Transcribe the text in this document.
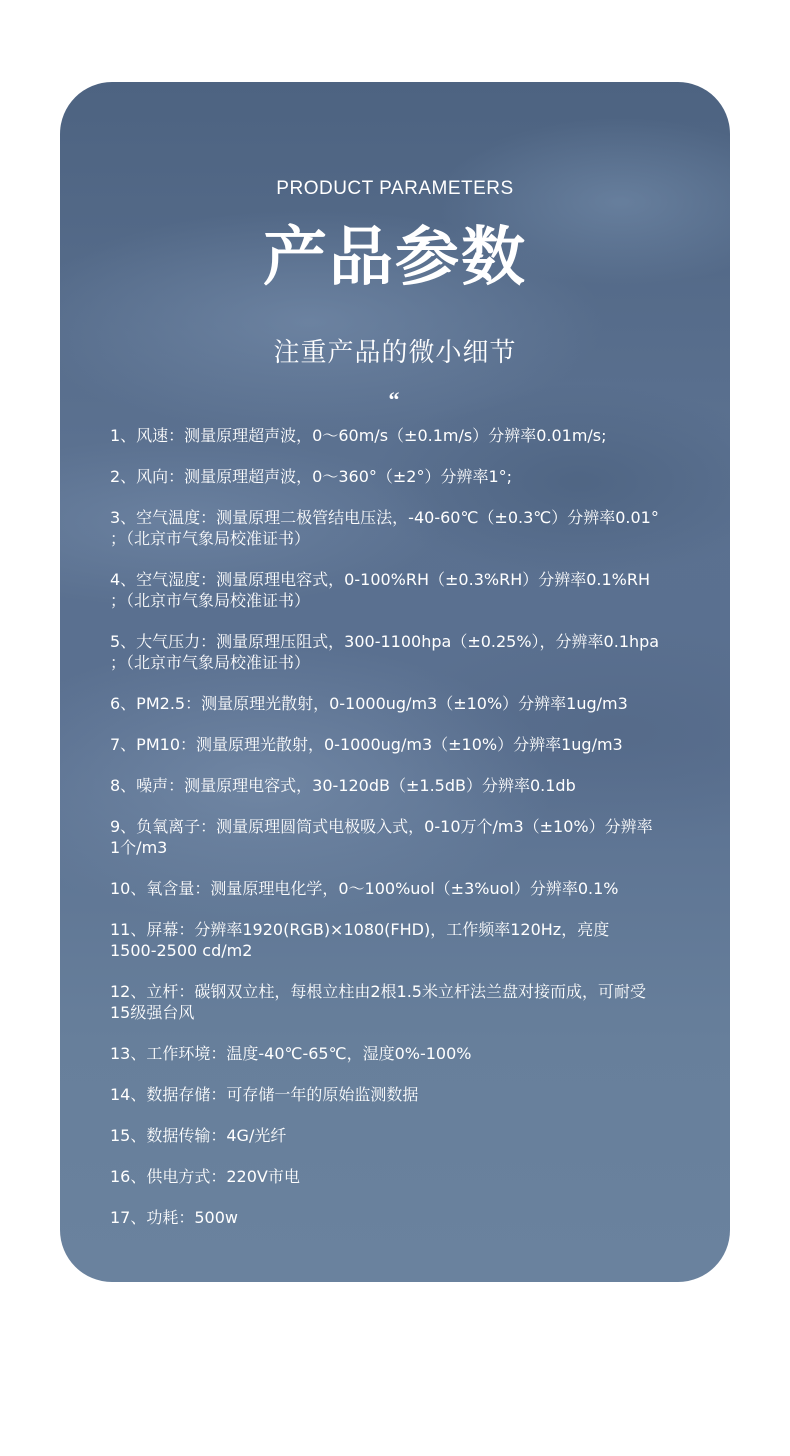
PRODUCT PARAMETERS
产品参数
注重产品的微小细节
“
1、风速：测量原理超声波，0～60m/s（±0.1m/s）分辨率0.01m/s;
2、风向：测量原理超声波，0～360°（±2°）分辨率1°;
3、空气温度：测量原理二极管结电压法，-40-60℃（±0.3℃）分辨率0.01°
；（北京市气象局校准证书）
4、空气湿度：测量原理电容式，0-100%RH（±0.3%RH）分辨率0.1%RH
；（北京市气象局校准证书）
5、大气压力：测量原理压阻式，300-1100hpa（±0.25%），分辨率0.1hpa
；（北京市气象局校准证书）
6、PM2.5：测量原理光散射，0-1000ug/m3（±10%）分辨率1ug/m3
7、PM10：测量原理光散射，0-1000ug/m3（±10%）分辨率1ug/m3
8、噪声：测量原理电容式，30-120dB（±1.5dB）分辨率0.1db
9、负氧离子：测量原理圆筒式电极吸入式，0-10万个/m3（±10%）分辨率
1个/m3
10、氧含量：测量原理电化学，0～100%uol（±3%uol）分辨率0.1%
11、屏幕：分辨率1920(RGB)×1080(FHD)，工作频率120Hz，亮度
1500-2500 cd/m2
12、立杆：碳钢双立柱，每根立柱由2根1.5米立杆法兰盘对接而成，可耐受
15级强台风
13、工作环境：温度-40℃-65℃，湿度0%-100%
14、数据存储：可存储一年的原始监测数据
15、数据传输：4G/光纤
16、供电方式：220V市电
17、功耗：500w
